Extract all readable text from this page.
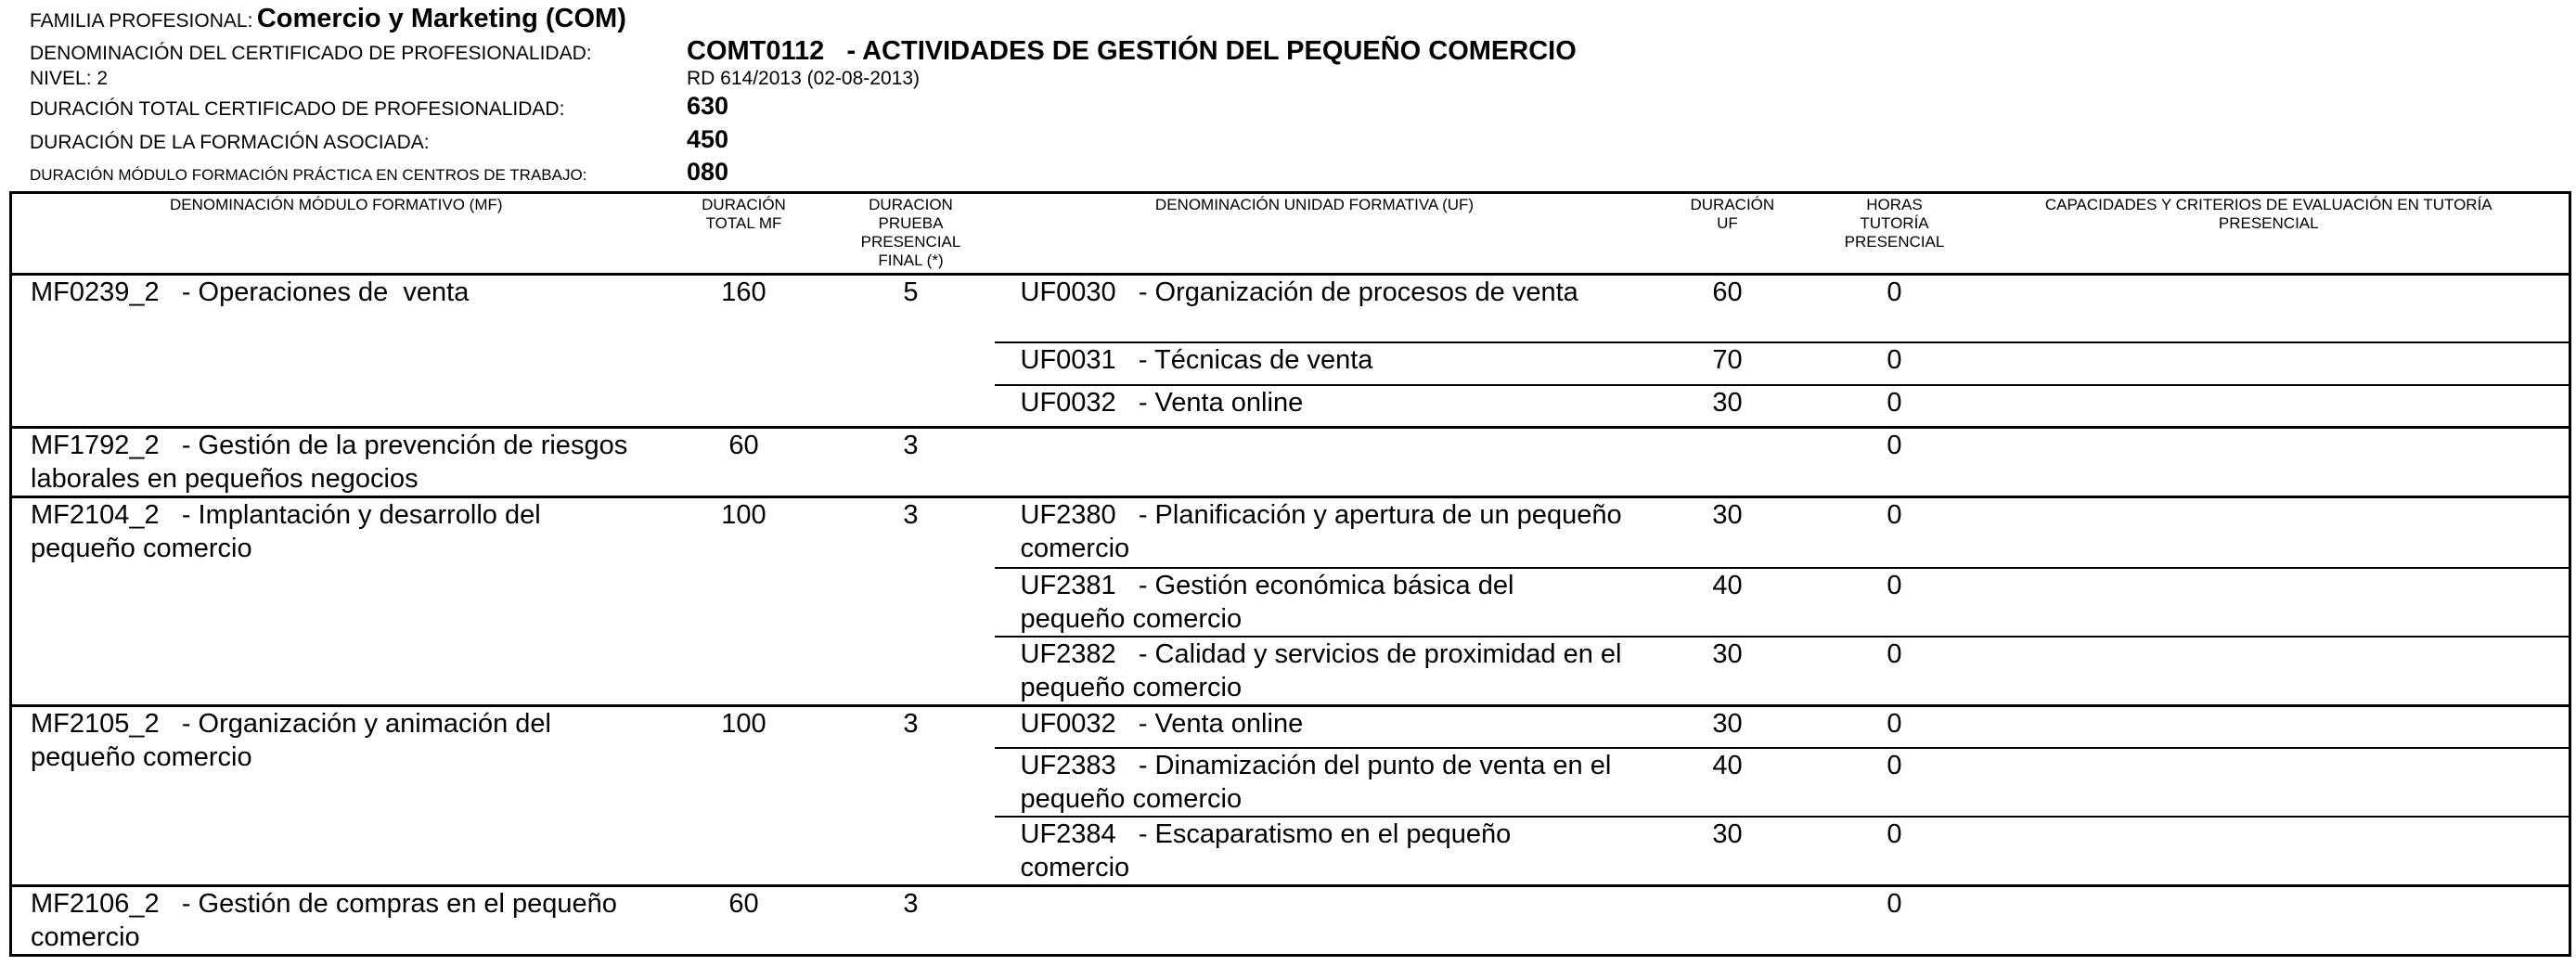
FAMILIA PROFESIONAL: Comercio y Marketing (COM)
DENOMINACIÓN DEL CERTIFICADO DE PROFESIONALIDAD:	COMT0112   - ACTIVIDADES DE GESTIÓN DEL PEQUEÑO COMERCIO
NIVEL: 2	RD 614/2013 (02-08-2013)
DURACIÓN TOTAL CERTIFICADO DE PROFESIONALIDAD:	630
DURACIÓN DE LA FORMACIÓN ASOCIADA:	450
DURACIÓN MÓDULO FORMACIÓN PRÁCTICA EN CENTROS DE TRABAJO:	080
DENOMINACIÓN MÓDULO FORMATIVO (MF)	DURACIÓN TOTAL MF	DURACION PRUEBA PRESENCIAL FINAL (*)	DENOMINACIÓN UNIDAD FORMATIVA (UF)	DURACIÓN UF	HORAS TUTORÍA PRESENCIAL	CAPACIDADES Y CRITERIOS DE EVALUACIÓN EN TUTORÍA PRESENCIAL

MF0239_2   - Operaciones de  venta	160	5	UF0030   - Organización de procesos de venta	60	0	
			UF0031   - Técnicas de venta	70	0	
			UF0032   - Venta online	30	0	
MF1792_2   - Gestión de la prevención de riesgos laborales en pequeños negocios	60	3			0	
MF2104_2   - Implantación y desarrollo del pequeño comercio	100	3	UF2380   - Planificación y apertura de un pequeño comercio	30	0	
			UF2381   - Gestión económica básica del pequeño comercio	40	0	
			UF2382   - Calidad y servicios de proximidad en el pequeño comercio	30	0	
MF2105_2   - Organización y animación del pequeño comercio	100	3	UF0032   - Venta online	30	0	
			UF2383   - Dinamización del punto de venta en el pequeño comercio	40	0	
			UF2384   - Escaparatismo en el pequeño comercio	30	0	
MF2106_2   - Gestión de compras en el pequeño comercio	60	3			0	
